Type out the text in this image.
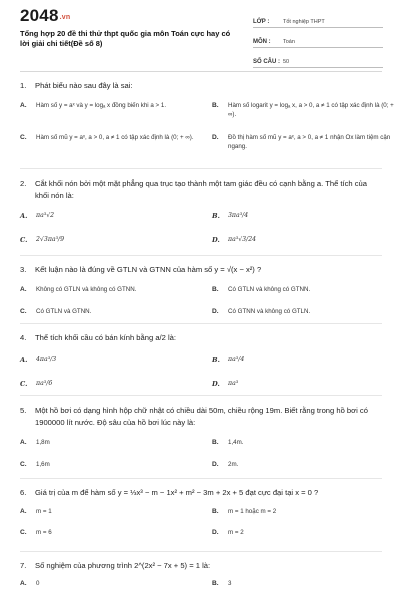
$2048^{.vn}$
Tổng hợp 20 đề thi thử thpt quốc gia môn Toán cực hay có lời giải chi tiết(Đề số 8)
LỚP : Tốt nghiệp THPT
MÔN : Toán
SỐ CÂU : 50
1. Phát biểu nào sau đây là sai:
A. Hàm số y = aˣ và y = logₐ x đồng biến khi a > 1.	B. Hàm số logarit y = logₐ x, a > 0, a ≠ 1 có tập xác định là (0; + ∞).
C. Hàm số mũ y = aˣ, a > 0, a ≠ 1 có tập xác định là (0; + ∞).	D. Đồ thị hàm số mũ y = aˣ, a > 0, a ≠ 1 nhận Ox làm tiệm cận ngang.
2. Cắt khối nón bởi một mặt phẳng qua trục tạo thành một tam giác đều có cạnh bằng a. Thể tích của khối nón là:
A. πa³√2	B. 3πa³/4
C. 2√3πa³/9	D. πa³√3/24
3. Kết luận nào là đúng về GTLN và GTNN của hàm số y = √(x − x²) ?
A. Không có GTLN và không có GTNN.	B. Có GTLN và không có GTNN.
C. Có GTLN và GTNN.	D. Có GTNN và không có GTLN.
4. Thể tích khối cầu có bán kính bằng a/2 là:
A. 4πa³/3	B. πa³/4
C. πa³/6	D. πa³
5. Một hồ bơi có dạng hình hộp chữ nhật có chiều dài 50m, chiều rộng 19m. Biết rằng trong hồ bơi có 1900000 lít nước. Độ sâu của hồ bơi lúc này là:
A. 1,8m	B. 1,4m.
C. 1,6m	D. 2m.
6. Giá trị của m để hàm số y = ⅓x³ − m − 1x² + m² − 3m + 2x + 5 đạt cực đại tại x = 0 ?
A. m = 1	B. m = 1 hoặc m = 2
C. m = 6	D. m = 2
7. Số nghiệm của phương trình 2^(2x² − 7x + 5) = 1 là:
A. 0	B. 3
